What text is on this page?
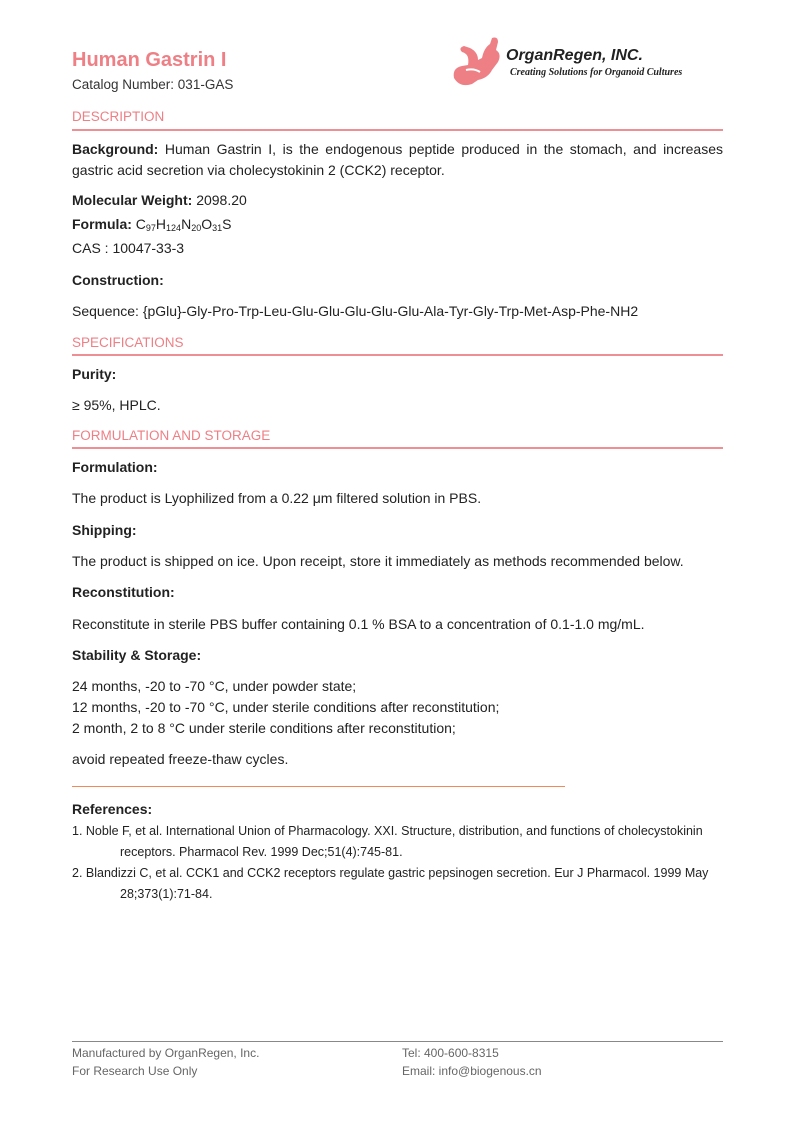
Human Gastrin I
Catalog Number: 031-GAS
OrganRegen, INC.
Creating Solutions for Organoid Cultures
DESCRIPTION
Background: Human Gastrin I, is the endogenous peptide produced in the stomach, and increases gastric acid secretion via cholecystokinin 2 (CCK2) receptor.
Molecular Weight: 2098.20
Formula: $C_{97}H_{124}N_{20}O_{31}S$
CAS : 10047-33-3
Construction:
Sequence: {pGlu}-Gly-Pro-Trp-Leu-Glu-Glu-Glu-Glu-Glu-Ala-Tyr-Gly-Trp-Met-Asp-Phe-NH2
SPECIFICATIONS
Purity:
≥ 95%, HPLC.
FORMULATION AND STORAGE
Formulation:
The product is Lyophilized from a 0.22 μm filtered solution in PBS.
Shipping:
The product is shipped on ice. Upon receipt, store it immediately as methods recommended below.
Reconstitution:
Reconstitute in sterile PBS buffer containing 0.1 % BSA to a concentration of 0.1-1.0 mg/mL.
Stability & Storage:
24 months, -20 to -70 °C, under powder state;
12 months, -20 to -70 °C, under sterile conditions after reconstitution;
2 month, 2 to 8 °C under sterile conditions after reconstitution;
avoid repeated freeze-thaw cycles.
References:
1. Noble F, et al. International Union of Pharmacology. XXI. Structure, distribution, and functions of cholecystokinin receptors. Pharmacol Rev. 1999 Dec;51(4):745-81.
2. Blandizzi C, et al. CCK1 and CCK2 receptors regulate gastric pepsinogen secretion. Eur J Pharmacol. 1999 May 28;373(1):71-84.
Manufactured by OrganRegen, Inc.
For Research Use Only
Tel: 400-600-8315
Email: info@biogenous.cn
